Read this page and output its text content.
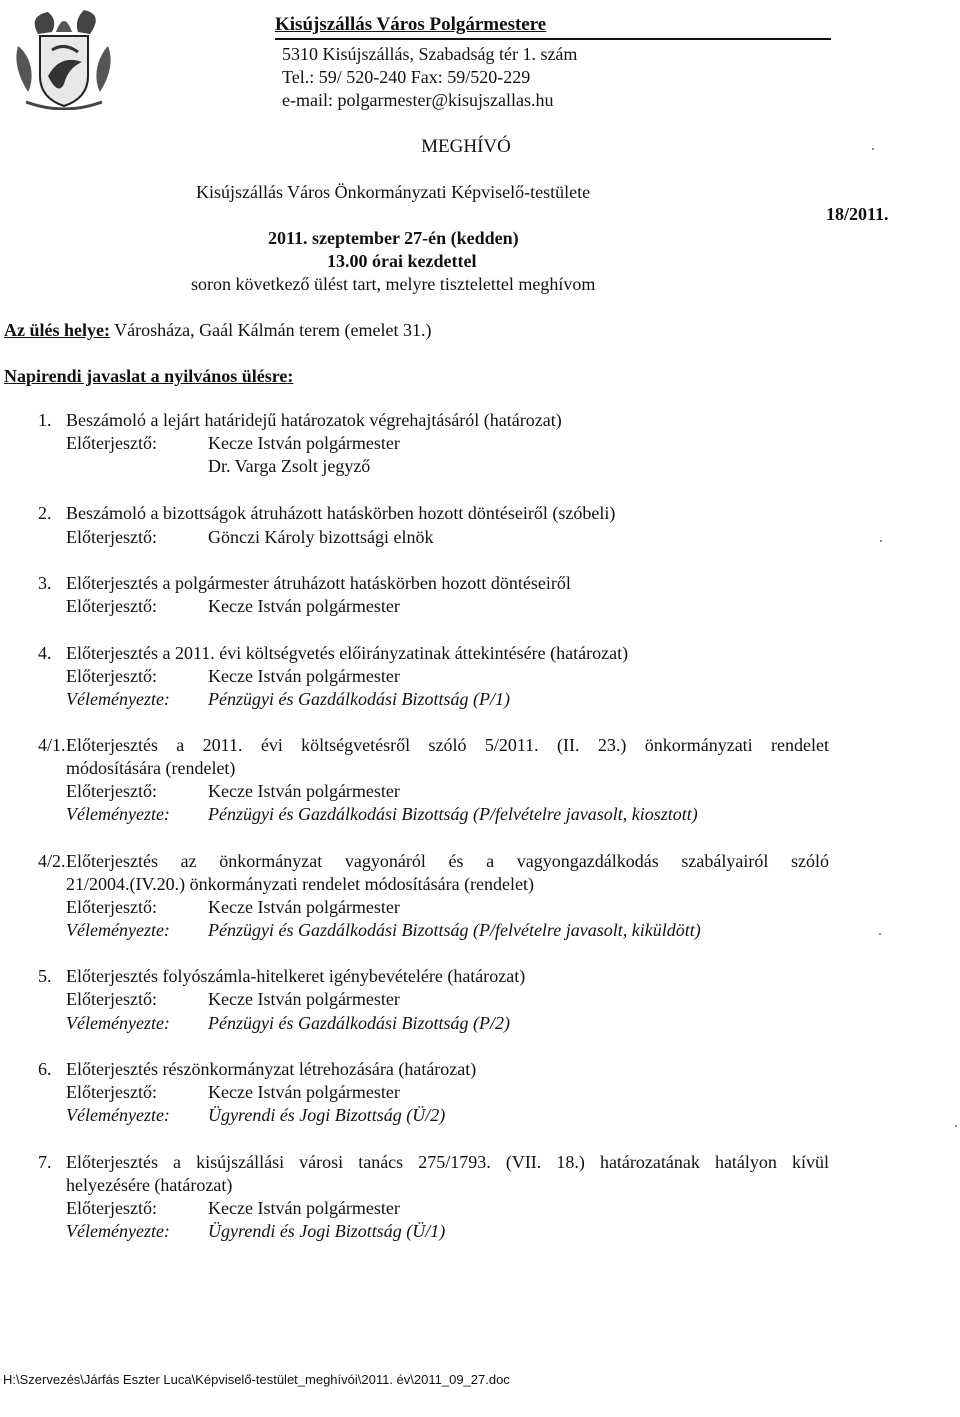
Kisújszállás Város Polgármestere
5310 Kisújszállás, Szabadság tér 1. szám
Tel.: 59/ 520-240 Fax: 59/520-229
e-mail: polgarmester@kisujszallas.hu
MEGHÍVÓ
Kisújszállás Város Önkormányzati Képviselő-testülete
2011. szeptember 27-én (kedden)
18/2011.
13.00 órai kezdettel
soron következő ülést tart, melyre tisztelettel meghívom
Az ülés helye: Városháza, Gaál Kálmán terem (emelet 31.)
Napirendi javaslat a nyilvános ülésre:
1. Beszámoló a lejárt határidejű határozatok végrehajtásáról (határozat)
Előterjesztő:	Kecze István polgármester
Dr. Varga Zsolt jegyző
2. Beszámoló a bizottságok átruházott hatáskörben hozott döntéseiről (szóbeli)
Előterjesztő:	Gönczi Károly bizottsági elnök
3. Előterjesztés a polgármester átruházott hatáskörben hozott döntéseiről
Előterjesztő:	Kecze István polgármester
4. Előterjesztés a 2011. évi költségvetés előirányzatinak áttekintésére (határozat)
Előterjesztő:	Kecze István polgármester
Véleményezte: Pénzügyi és Gazdálkodási Bizottság (P/1)
4/1. Előterjesztés a 2011. évi költségvetésről szóló 5/2011. (II. 23.) önkormányzati rendelet
módosítására (rendelet)
Előterjesztő:	Kecze István polgármester
Véleményezte: Pénzügyi és Gazdálkodási Bizottság (P/felvételre javasolt, kiosztott)
4/2. Előterjesztés az önkormányzat vagyonáról és a vagyongazdálkodás szabályairól szóló
21/2004.(IV.20.) önkormányzati rendelet módosítására (rendelet)
Előterjesztő:	Kecze István polgármester
Véleményezte: Pénzügyi és Gazdálkodási Bizottság (P/felvételre javasolt, kiküldött)
5. Előterjesztés folyószámla-hitelkeret igénybevételére (határozat)
Előterjesztő:	Kecze István polgármester
Véleményezte: Pénzügyi és Gazdálkodási Bizottság (P/2)
6. Előterjesztés részönkormányzat létrehozására (határozat)
Előterjesztő:	Kecze István polgármester
Véleményezte: Ügyrendi és Jogi Bizottság (Ü/2)
7. Előterjesztés a kisújszállási városi tanács 275/1793. (VII. 18.) határozatának hatályon kívül
helyezésére (határozat)
Előterjesztő:	Kecze István polgármester
Véleményezte: Ügyrendi és Jogi Bizottság (Ü/1)
H:\Szervezés\Járfás Eszter Luca\Képviselő-testület_meghívói\2011. év\2011_09_27.doc
